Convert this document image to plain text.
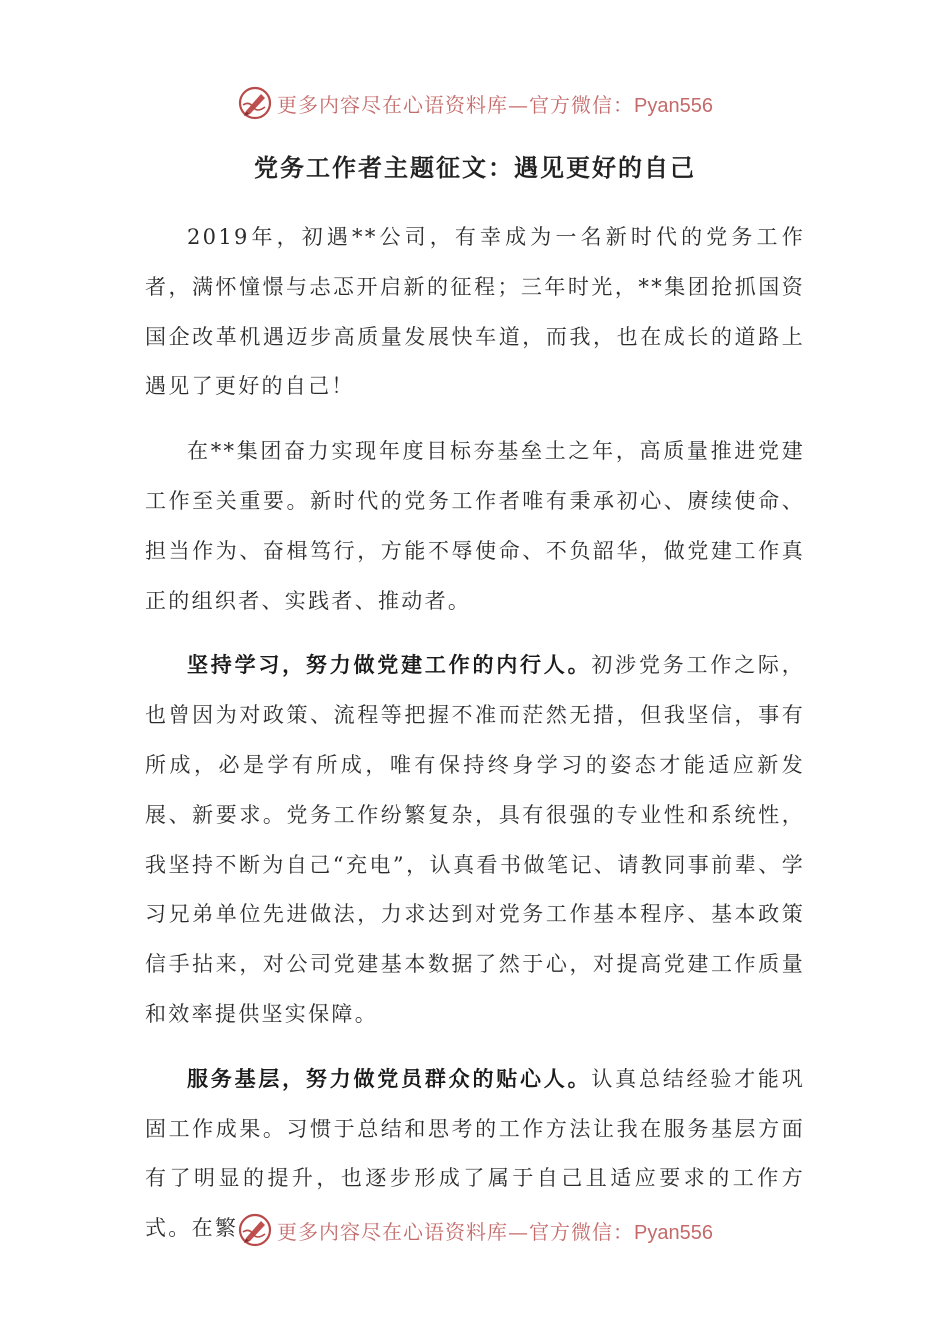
更多内容尽在心语资料库—官方微信：Pyan556
党务工作者主题征文：遇见更好的自己

2019年，初遇**公司，有幸成为一名新时代的党务工作者，满怀憧憬与忐忑开启新的征程；三年时光，**集团抢抓国资国企改革机遇迈步高质量发展快车道，而我，也在成长的道路上遇见了更好的自己！

在**集团奋力实现年度目标夯基垒土之年，高质量推进党建工作至关重要。新时代的党务工作者唯有秉承初心、赓续使命、担当作为、奋楫笃行，方能不辱使命、不负韶华，做党建工作真正的组织者、实践者、推动者。

坚持学习，努力做党建工作的内行人。初涉党务工作之际，也曾因为对政策、流程等把握不准而茫然无措，但我坚信，事有所成，必是学有所成，唯有保持终身学习的姿态才能适应新发展、新要求。党务工作纷繁复杂，具有很强的专业性和系统性，我坚持不断为自己“充电”，认真看书做笔记、请教同事前辈、学习兄弟单位先进做法，力求达到对党务工作基本程序、基本政策信手拈来，对公司党建基本数据了然于心，对提高党建工作质量和效率提供坚实保障。

服务基层，努力做党员群众的贴心人。认真总结经验才能巩固工作成果。习惯于总结和思考的工作方法让我在服务基层方面有了明显的提升，也逐步形成了属于自己且适应要求的工作方式。在繁	更多内容尽在心语资料库—官方微信：Pyan556
